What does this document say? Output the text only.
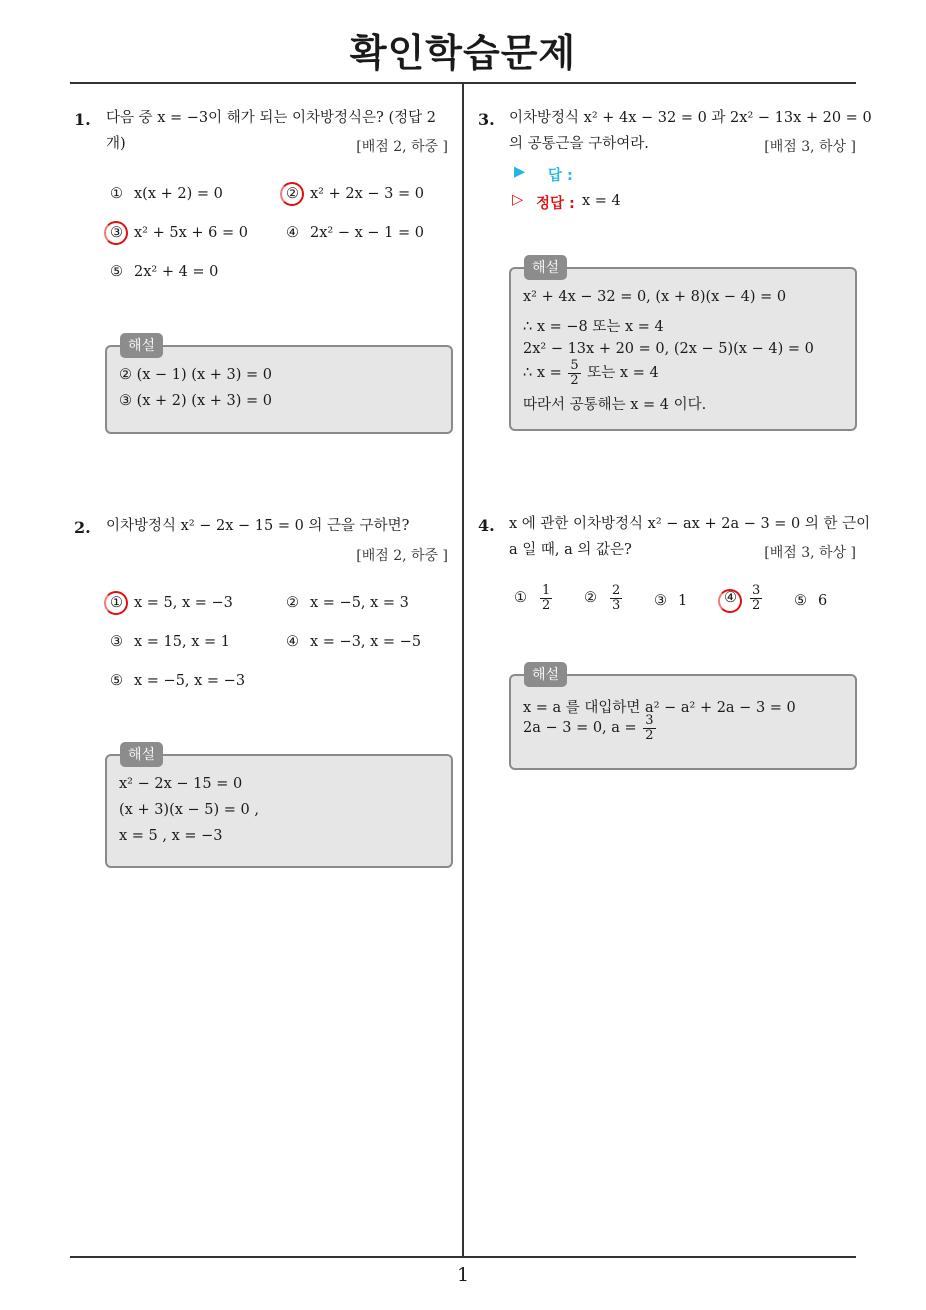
확인학습문제
1
1. 다음 중 x = −3이 해가 되는 이차방정식은? (정답 2
개)	[배점 2, 하중 ]
① x(x + 2) = 0	② x² + 2x − 3 = 0
③ x² + 5x + 6 = 0	④ 2x² − x − 1 = 0
⑤ 2x² + 4 = 0
② (x − 1) (x + 3) = 0
③ (x + 2) (x + 3) = 0
해설
2. 이차방정식 x² − 2x − 15 = 0 의 근을 구하면?
[배점 2, 하중 ]
① x = 5, x = −3	② x = −5, x = 3
③ x = 15, x = 1	④ x = −3, x = −5
⑤ x = −5, x = −3
x² − 2x − 15 = 0
(x + 3)(x − 5) = 0 ,
x = 5 , x = −3
해설
3. 이차방정식 x² + 4x − 32 = 0 과 2x² − 13x + 20 = 0
의 공통근을 구하여라.	[배점 3, 하상 ]
▶ 답 :
▷ 정답 : x = 4
x² + 4x − 32 = 0, (x + 8)(x − 4) = 0
∴ x = −8 또는 x = 4
2x² − 13x + 20 = 0, (2x − 5)(x − 4) = 0
∴ $x = \frac{5}{2}$ 또는 x = 4
따라서 공통해는 x = 4 이다.
해설
4. x 에 관한 이차방정식 x² − ax + 2a − 3 = 0 의 한 근이
a 일 때, a 의 값은?	[배점 3, 하상 ]
① $\frac{1}{2}$ ② $\frac{2}{3}$ ③ 1	④ $\frac{3}{2}$ ⑤ 6
x = a 를 대입하면 a² − a² + 2a − 3 = 0
2a − 3 = 0, $a = \frac{3}{2}$
해설
